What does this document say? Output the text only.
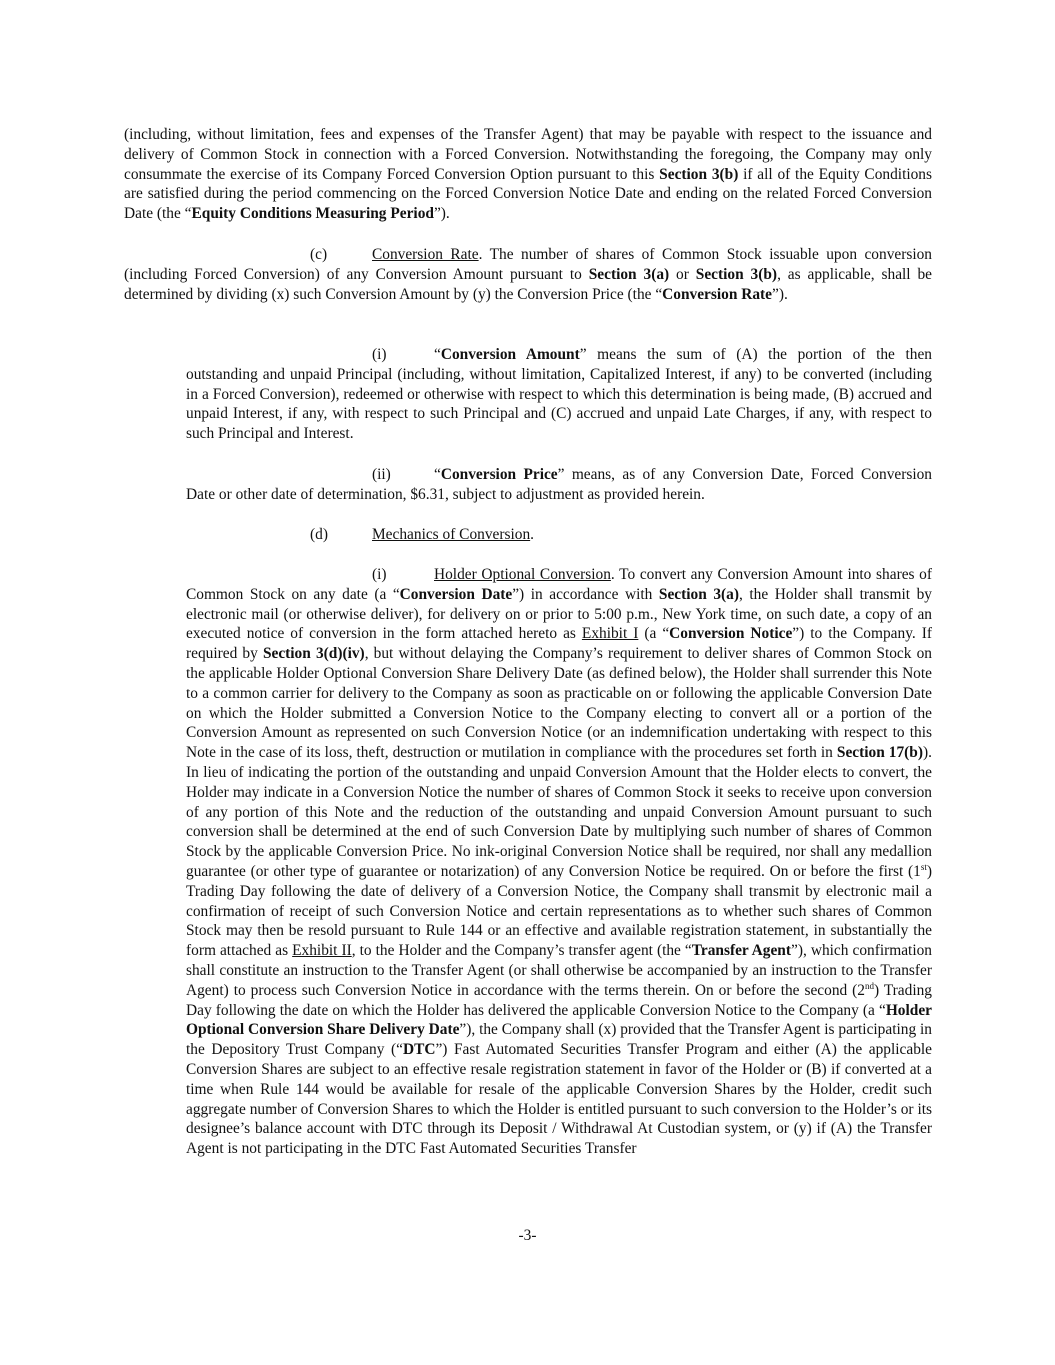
(including, without limitation, fees and expenses of the Transfer Agent) that may be payable with respect to the issuance and delivery of Common Stock in connection with a Forced Conversion. Notwithstanding the foregoing, the Company may only consummate the exercise of its Company Forced Conversion Option pursuant to this Section 3(b) if all of the Equity Conditions are satisfied during the period commencing on the Forced Conversion Notice Date and ending on the related Forced Conversion Date (the “Equity Conditions Measuring Period”).

(c)	Conversion Rate. The number of shares of Common Stock issuable upon conversion (including Forced Conversion) of any Conversion Amount pursuant to Section 3(a) or Section 3(b), as applicable, shall be determined by dividing (x) such Conversion Amount by (y) the Conversion Price (the “Conversion Rate”).

(i)	“Conversion Amount” means the sum of (A) the portion of the then outstanding and unpaid Principal (including, without limitation, Capitalized Interest, if any) to be converted (including in a Forced Conversion), redeemed or otherwise with respect to which this determination is being made, (B) accrued and unpaid Interest, if any, with respect to such Principal and (C) accrued and unpaid Late Charges, if any, with respect to such Principal and Interest.

(ii)	“Conversion Price” means, as of any Conversion Date, Forced Conversion Date or other date of determination, $6.31, subject to adjustment as provided herein.

(d)	Mechanics of Conversion.

(i)	Holder Optional Conversion. To convert any Conversion Amount into shares of Common Stock on any date (a “Conversion Date”) in accordance with Section 3(a), the Holder shall transmit by electronic mail (or otherwise deliver), for delivery on or prior to 5:00 p.m., New York time, on such date, a copy of an executed notice of conversion in the form attached hereto as Exhibit I (a “Conversion Notice”) to the Company. If required by Section 3(d)(iv), but without delaying the Company’s requirement to deliver shares of Common Stock on the applicable Holder Optional Conversion Share Delivery Date (as defined below), the Holder shall surrender this Note to a common carrier for delivery to the Company as soon as practicable on or following the applicable Conversion Date on which the Holder submitted a Conversion Notice to the Company electing to convert all or a portion of the Conversion Amount as represented on such Conversion Notice (or an indemnification undertaking with respect to this Note in the case of its loss, theft, destruction or mutilation in compliance with the procedures set forth in Section 17(b)). In lieu of indicating the portion of the outstanding and unpaid Conversion Amount that the Holder elects to convert, the Holder may indicate in a Conversion Notice the number of shares of Common Stock it seeks to receive upon conversion of any portion of this Note and the reduction of the outstanding and unpaid Conversion Amount pursuant to such conversion shall be determined at the end of such Conversion Date by multiplying such number of shares of Common Stock by the applicable Conversion Price. No ink-original Conversion Notice shall be required, nor shall any medallion guarantee (or other type of guarantee or notarization) of any Conversion Notice be required. On or before the first (1st) Trading Day following the date of delivery of a Conversion Notice, the Company shall transmit by electronic mail a confirmation of receipt of such Conversion Notice and certain representations as to whether such shares of Common Stock may then be resold pursuant to Rule 144 or an effective and available registration statement, in substantially the form attached as Exhibit II, to the Holder and the Company’s transfer agent (the “Transfer Agent”), which confirmation shall constitute an instruction to the Transfer Agent (or shall otherwise be accompanied by an instruction to the Transfer Agent) to process such Conversion Notice in accordance with the terms therein. On or before the second (2nd) Trading Day following the date on which the Holder has delivered the applicable Conversion Notice to the Company (a “Holder Optional Conversion Share Delivery Date”), the Company shall (x) provided that the Transfer Agent is participating in the Depository Trust Company (“DTC”) Fast Automated Securities Transfer Program and either (A) the applicable Conversion Shares are subject to an effective resale registration statement in favor of the Holder or (B) if converted at a time when Rule 144 would be available for resale of the applicable Conversion Shares by the Holder, credit such aggregate number of Conversion Shares to which the Holder is entitled pursuant to such conversion to the Holder’s or its designee’s balance account with DTC through its Deposit / Withdrawal At Custodian system, or (y) if (A) the Transfer Agent is not participating in the DTC Fast Automated Securities Transfer

-3-
